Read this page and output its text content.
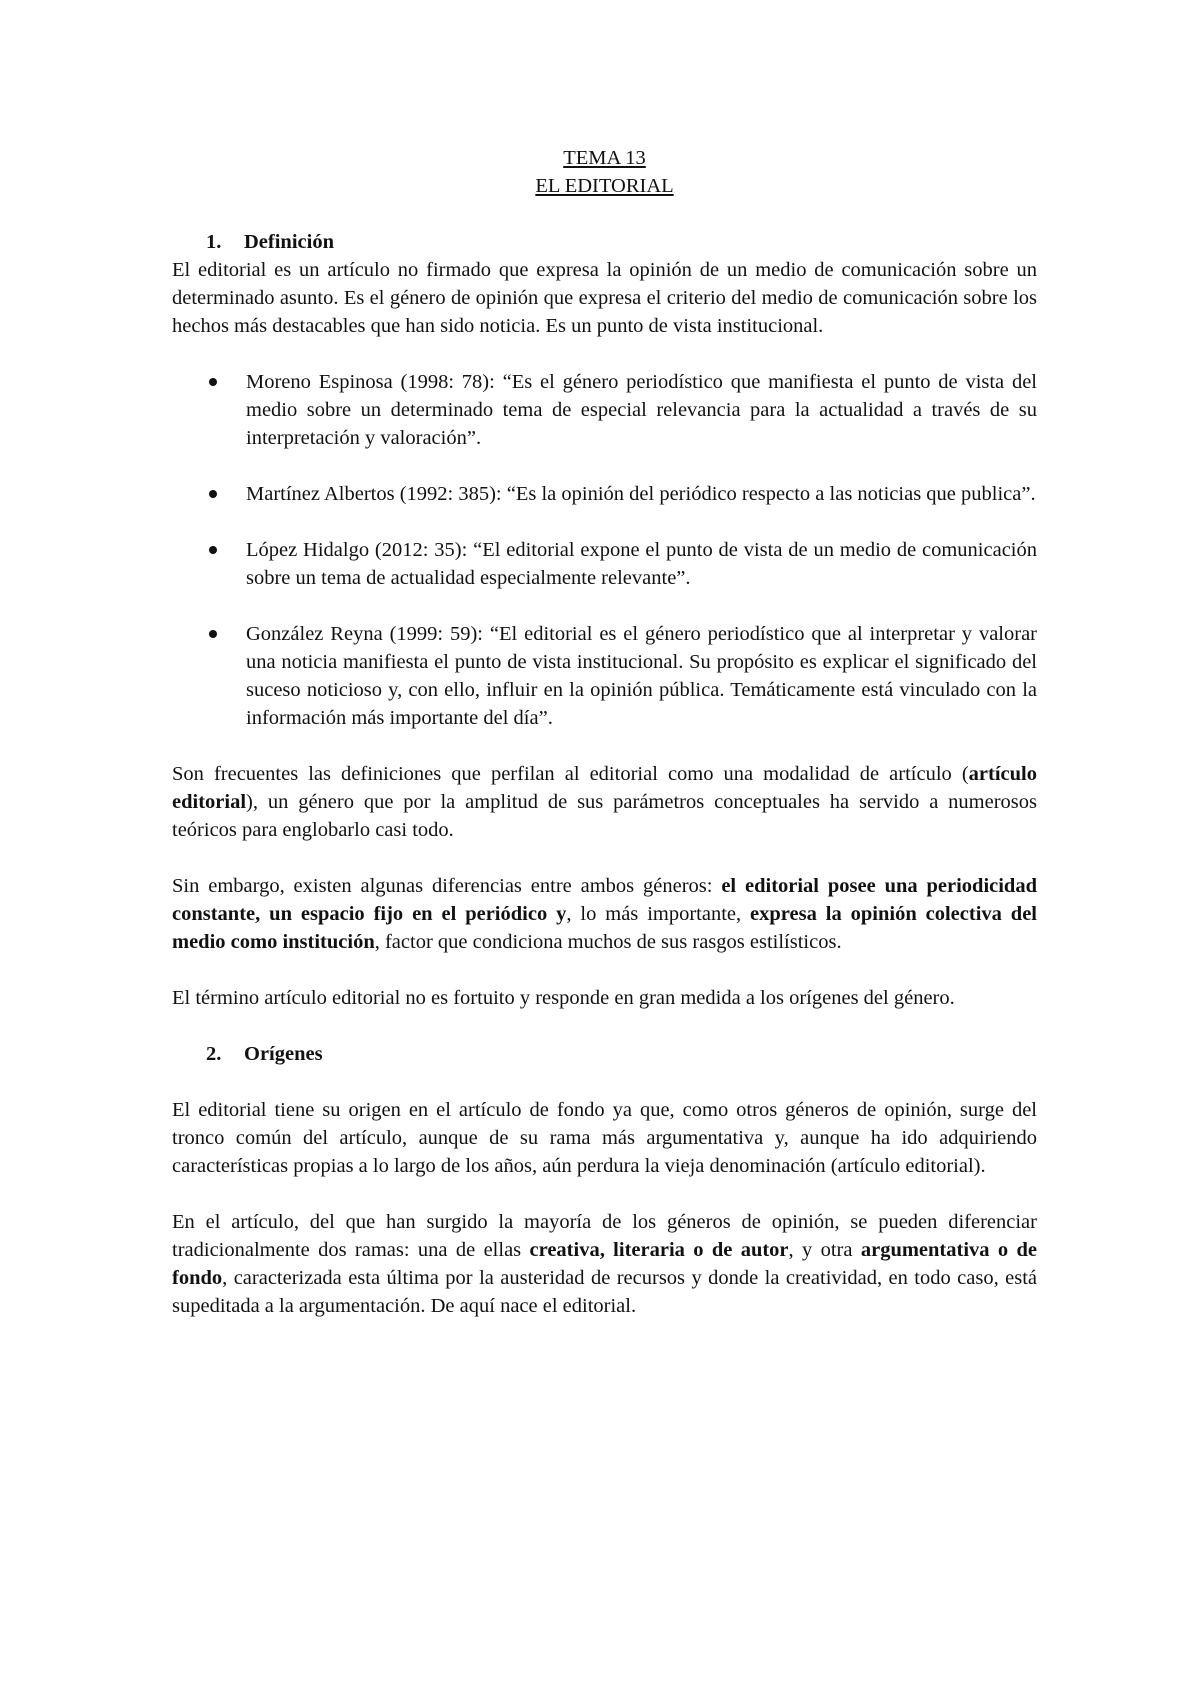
TEMA 13
EL EDITORIAL
1. Definición

El editorial es un artículo no firmado que expresa la opinión de un medio de comunicación sobre un determinado asunto. Es el género de opinión que expresa el criterio del medio de comunicación sobre los hechos más destacables que han sido noticia. Es un punto de vista institucional.

Moreno Espinosa (1998: 78): “Es el género periodístico que manifiesta el punto de vista del medio sobre un determinado tema de especial relevancia para la actualidad a través de su interpretación y valoración”.
Martínez Albertos (1992: 385): “Es la opinión del periódico respecto a las noticias que publica”.
López Hidalgo (2012: 35): “El editorial expone el punto de vista de un medio de comunicación sobre un tema de actualidad especialmente relevante”.
González Reyna (1999: 59): “El editorial es el género periodístico que al interpretar y valorar una noticia manifiesta el punto de vista institucional. Su propósito es explicar el significado del suceso noticioso y, con ello, influir en la opinión pública. Temáticamente está vinculado con la información más importante del día”.

Son frecuentes las definiciones que perfilan al editorial como una modalidad de artículo (artículo editorial), un género que por la amplitud de sus parámetros conceptuales ha servido a numerosos teóricos para englobarlo casi todo.

Sin embargo, existen algunas diferencias entre ambos géneros: el editorial posee una periodicidad constante, un espacio fijo en el periódico y, lo más importante, expresa la opinión colectiva del medio como institución, factor que condiciona muchos de sus rasgos estilísticos.

El término artículo editorial no es fortuito y responde en gran medida a los orígenes del género.

2. Orígenes

El editorial tiene su origen en el artículo de fondo ya que, como otros géneros de opinión, surge del tronco común del artículo, aunque de su rama más argumentativa y, aunque ha ido adquiriendo características propias a lo largo de los años, aún perdura la vieja denominación (artículo editorial).

En el artículo, del que han surgido la mayoría de los géneros de opinión, se pueden diferenciar tradicionalmente dos ramas: una de ellas creativa, literaria o de autor, y otra argumentativa o de fondo, caracterizada esta última por la austeridad de recursos y donde la creatividad, en todo caso, está supeditada a la argumentación. De aquí nace el editorial.
